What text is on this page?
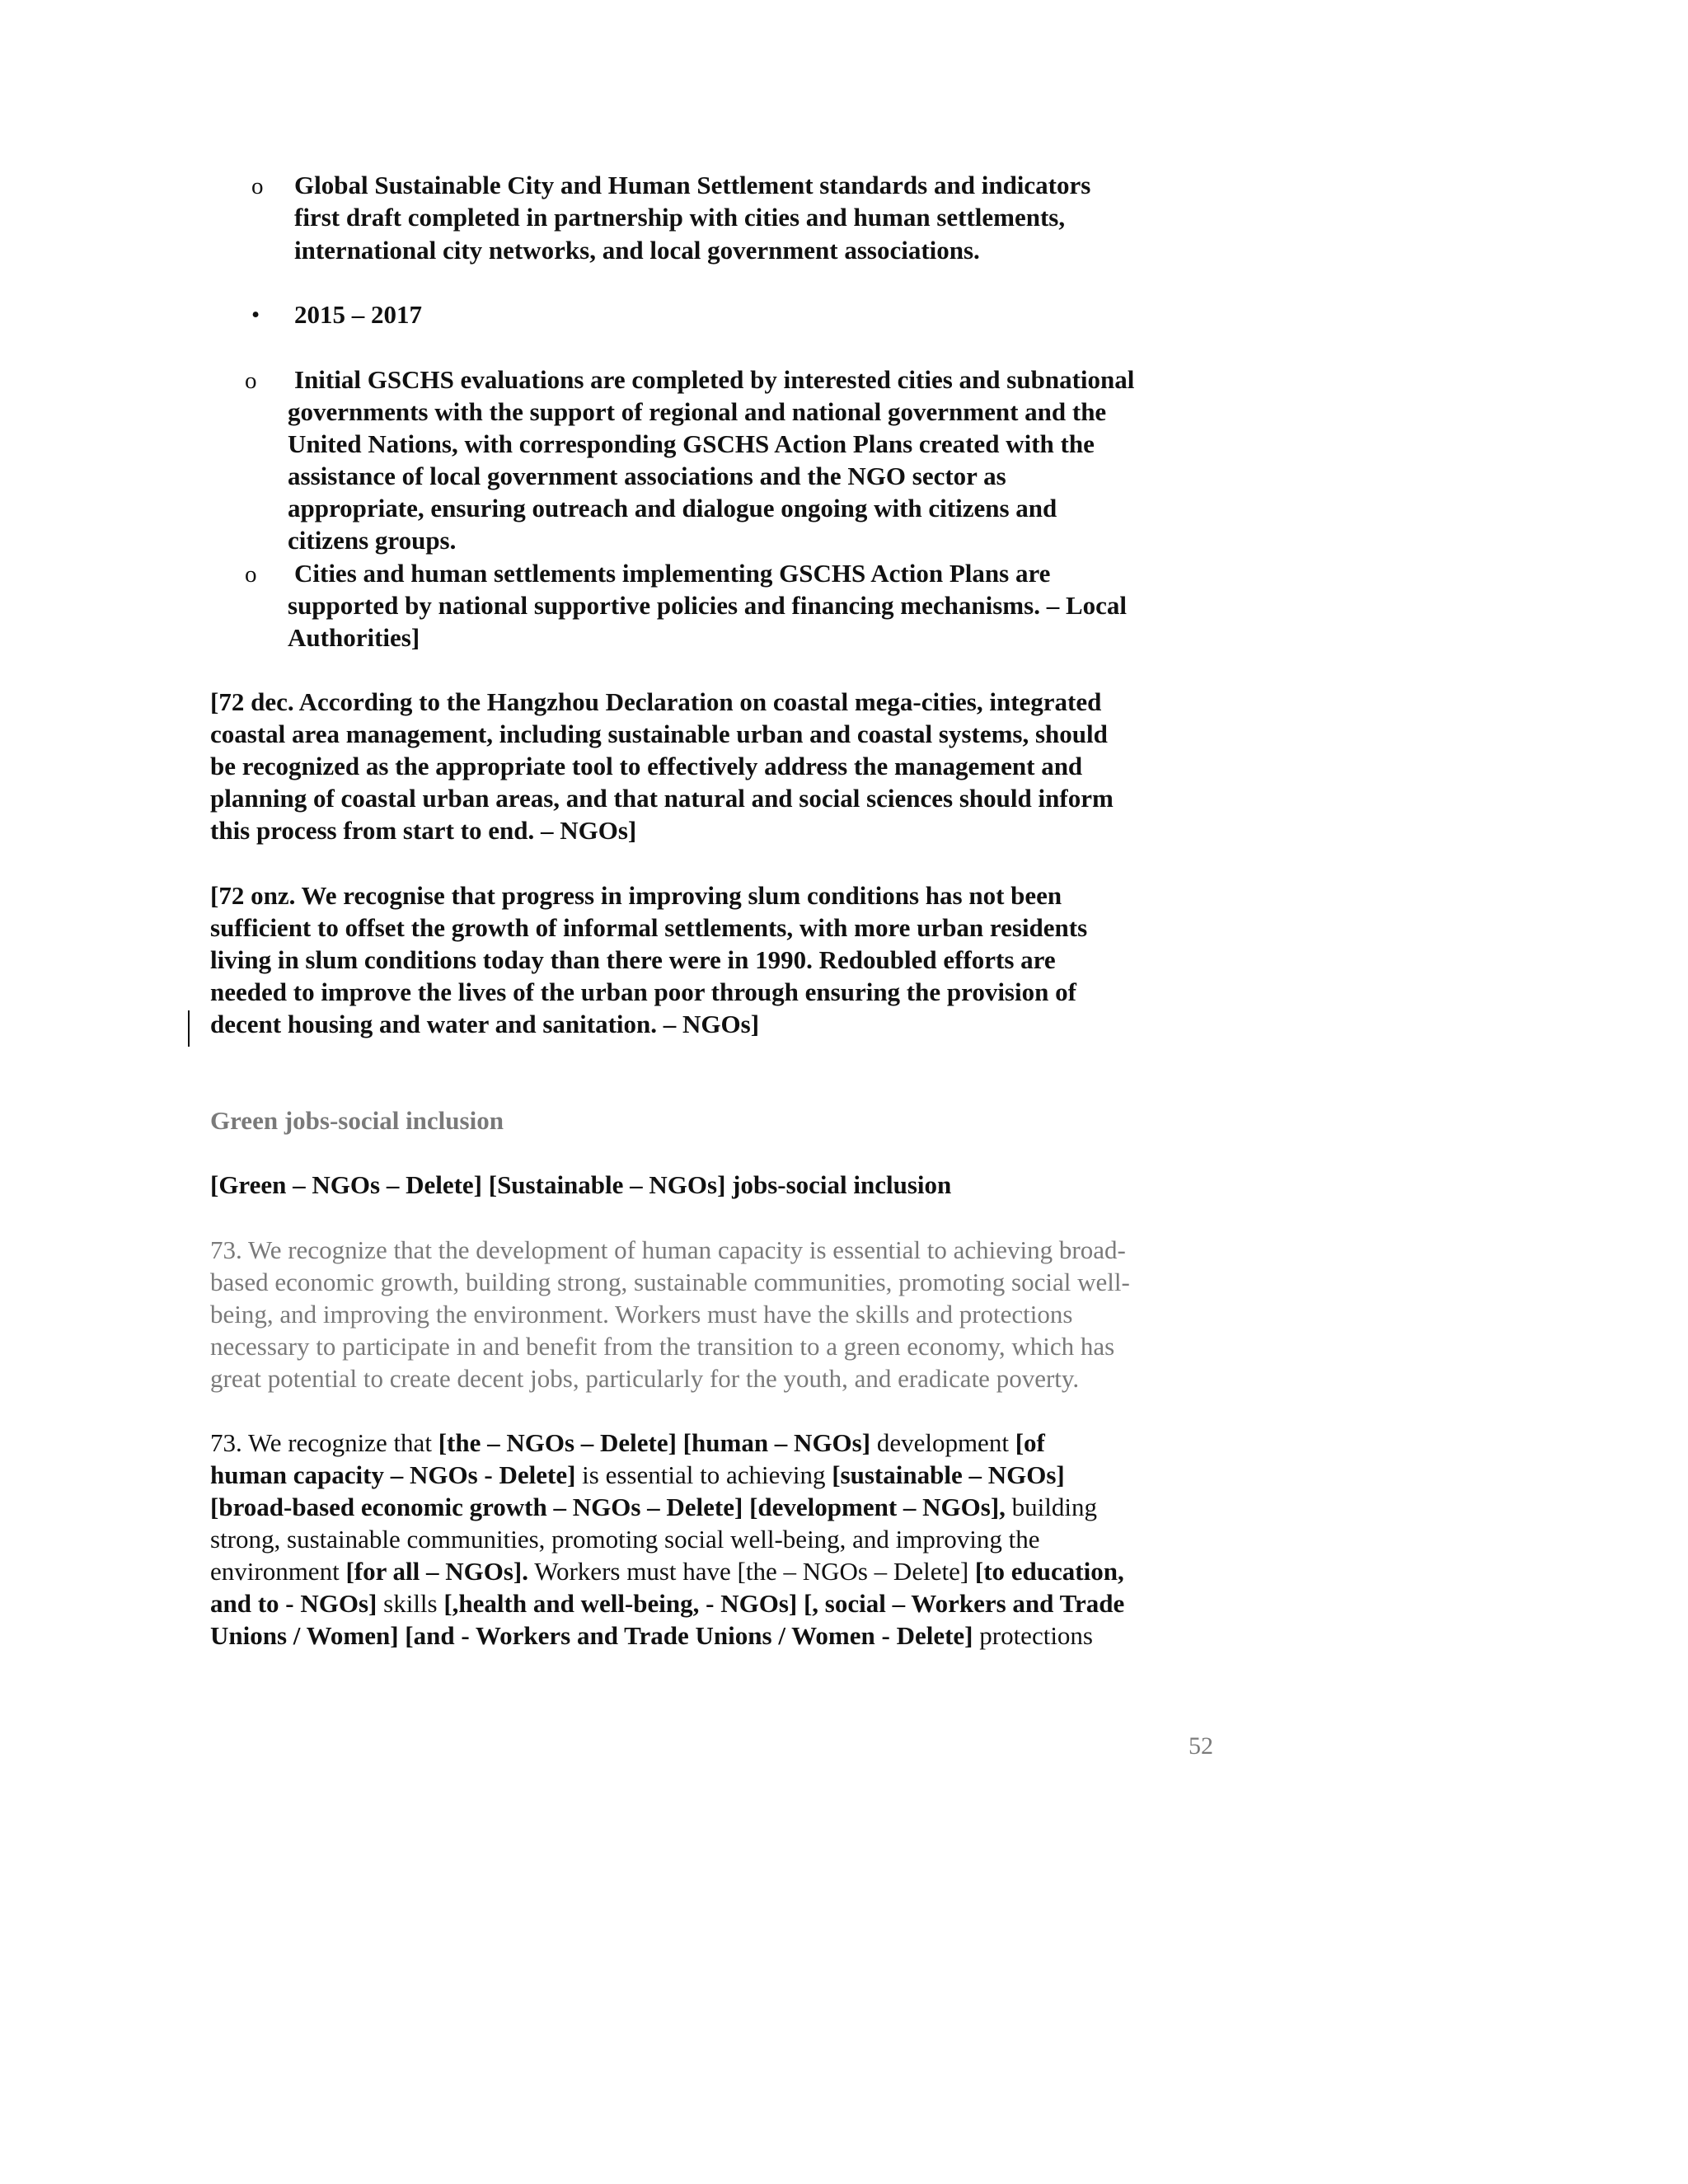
o Global Sustainable City and Human Settlement standards and indicators
first draft completed in partnership with cities and human settlements,
international city networks, and local government associations.
• 2015 – 2017
o Initial GSCHS evaluations are completed by interested cities and subnational
governments with the support of regional and national government and the
United Nations, with corresponding GSCHS Action Plans created with the
assistance of local government associations and the NGO sector as
appropriate, ensuring outreach and dialogue ongoing with citizens and
citizens groups.
o Cities and human settlements implementing GSCHS Action Plans are
supported by national supportive policies and financing mechanisms. – Local
Authorities]
[72 dec. According to the Hangzhou Declaration on coastal mega-cities, integrated
coastal area management, including sustainable urban and coastal systems, should
be recognized as the appropriate tool to effectively address the management and
planning of coastal urban areas, and that natural and social sciences should inform
this process from start to end. – NGOs]
[72 onz. We recognise that progress in improving slum conditions has not been
sufficient to offset the growth of informal settlements, with more urban residents
living in slum conditions today than there were in 1990. Redoubled efforts are
needed to improve the lives of the urban poor through ensuring the provision of
decent housing and water and sanitation. – NGOs]
Green jobs-social inclusion
[Green – NGOs – Delete] [Sustainable – NGOs] jobs-social inclusion
73. We recognize that the development of human capacity is essential to achieving broad-
based economic growth, building strong, sustainable communities, promoting social well-
being, and improving the environment. Workers must have the skills and protections
necessary to participate in and benefit from the transition to a green economy, which has
great potential to create decent jobs, particularly for the youth, and eradicate poverty.
73. We recognize that [the – NGOs – Delete] [human – NGOs] development [of
human capacity – NGOs - Delete] is essential to achieving [sustainable – NGOs]
[broad-based economic growth – NGOs – Delete] [development – NGOs], building
strong, sustainable communities, promoting social well-being, and improving the
environment [for all – NGOs]. Workers must have [the – NGOs – Delete] [to education,
and to - NGOs] skills [,health and well-being, - NGOs] [, social – Workers and Trade
Unions / Women] [and - Workers and Trade Unions / Women - Delete] protections
52
